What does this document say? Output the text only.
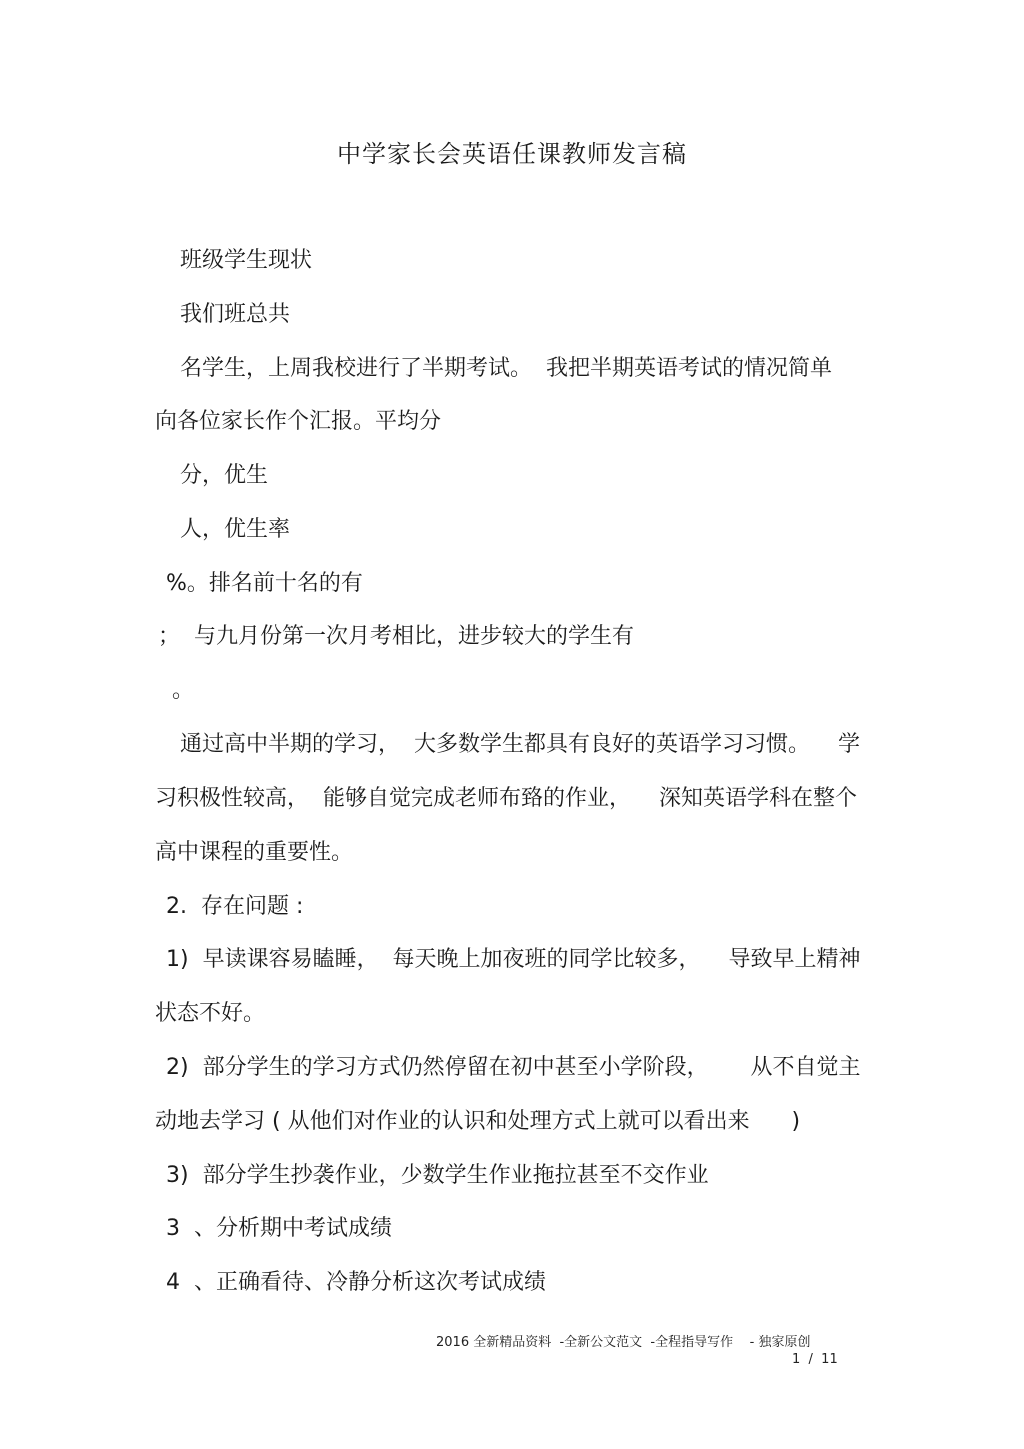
中学家长会英语任课教师发言稿
班级学生现状
我们班总共
名学生，上周我校进行了半期考试。  我把半期英语考试的情况简单
向各位家长作个汇报。平均分
分，优生
人，优生率
%。排名前十名的有
；  与九月份第一次月考相比，进步较大的学生有
。
通过高中半期的学习，  大多数学生都具有良好的英语学习习惯。    学
习积极性较高，  能够自觉完成老师布臵的作业，    深知英语学科在整个
高中课程的重要性。
2.  存在问题 :
1)  早读课容易瞌睡，  每天晚上加夜班的同学比较多，    导致早上精神
状态不好。
2)  部分学生的学习方式仍然停留在初中甚至小学阶段，      从不自觉主
动地去学习 ( 从他们对作业的认识和处理方式上就可以看出来      )
3)  部分学生抄袭作业，少数学生作业拖拉甚至不交作业
3  、分析期中考试成绩
4  、正确看待、冷静分析这次考试成绩
2016 全新精品资料  -全新公文范文  -全程指导写作    - 独家原创
1  /  11
